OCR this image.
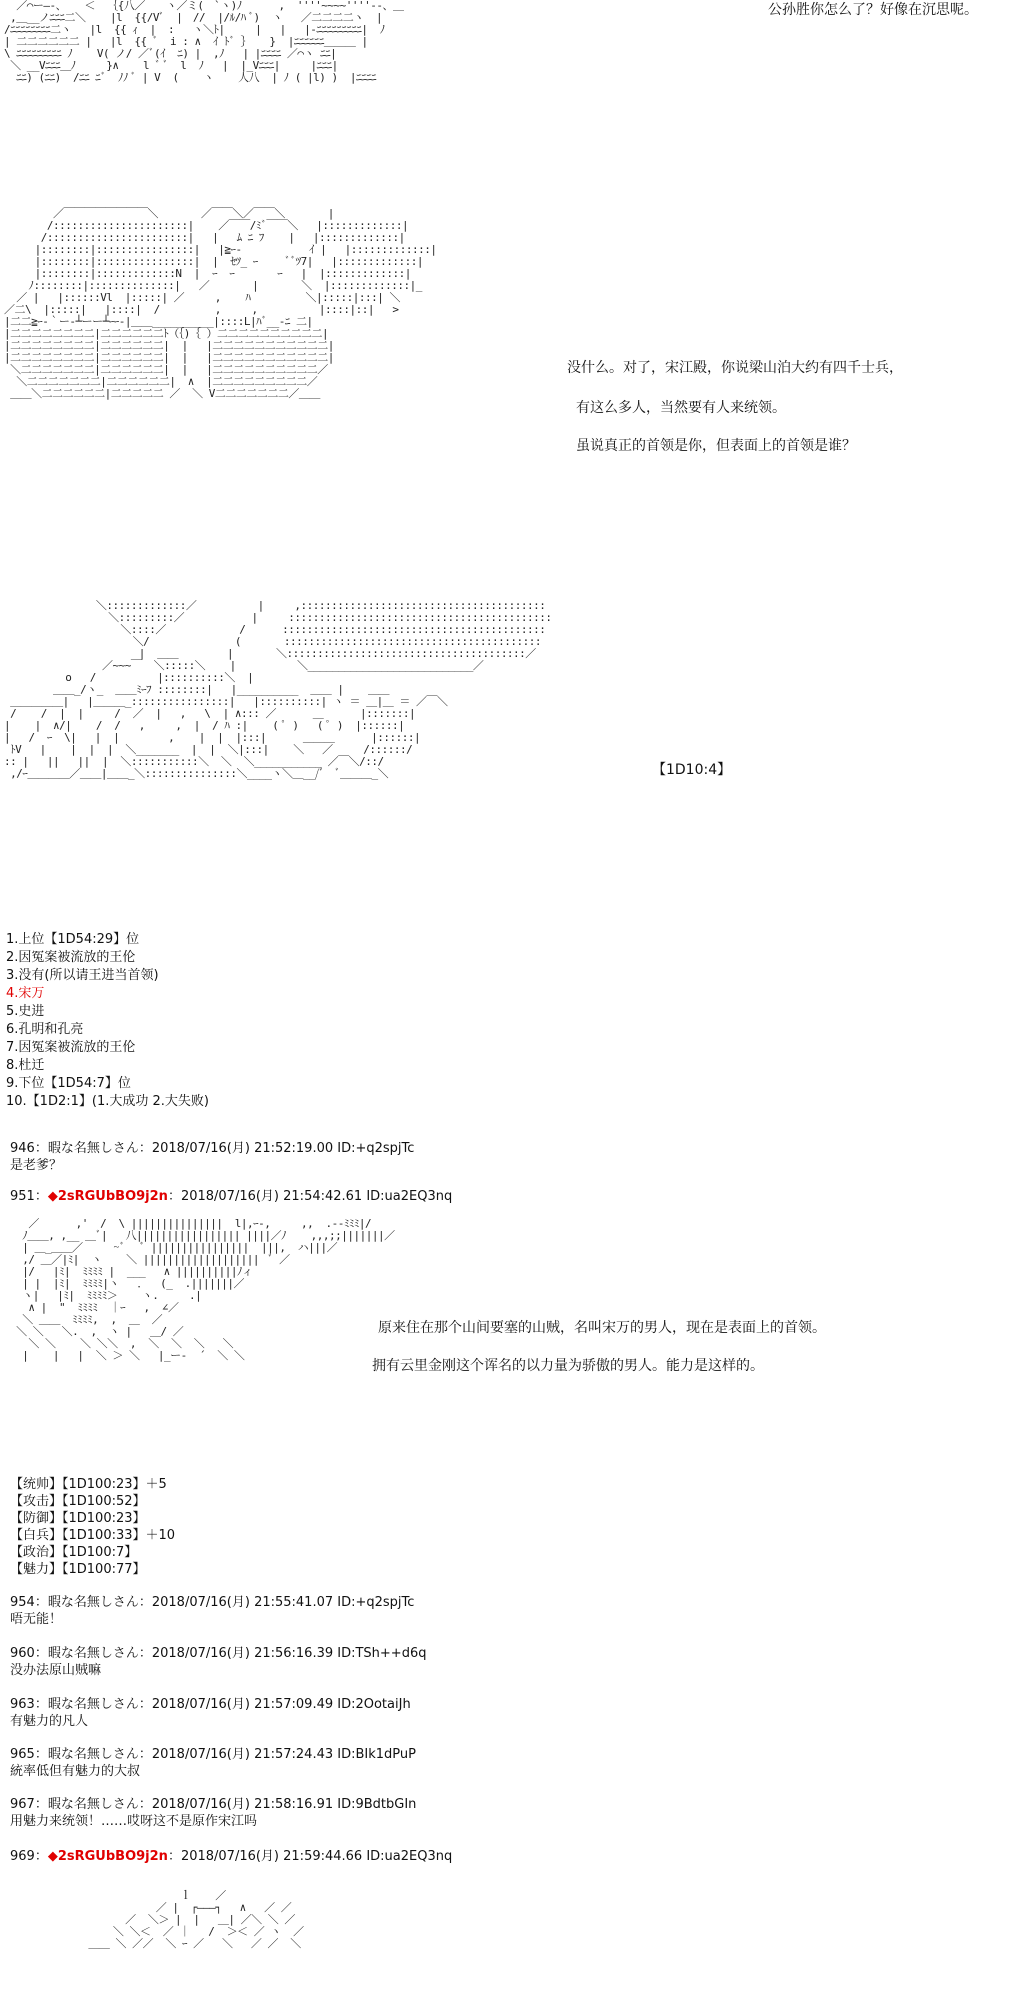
／⌒ー―‐、   ＜  ｛{八／￣￣ヽ／ミ(￣`ヽ)ﾉ      ,  ''''~~~~''''‐-、＿
,＿__ノﾆﾆﾆ二＼    |l  {{/Vﾞ  |　//  |/ﾙ/ﾊ ﾞ)  ヽ   ／二二二二ヽ  |
/ﾆﾆﾆﾆﾆﾆﾆﾆ二ヽ   |l  {{ ｨ  |  :   ヽ＼ﾄ|     |   |   |-ﾆﾆﾆﾆﾆﾆﾆﾆﾆ|  ﾉ
| 二二二二二二 |   |l  {{ ﾞ  i : ∧  ｲ ﾄﾞ ｝   }  |ﾆﾆﾆﾆﾆﾆ＿＿＿ |
\ ﾆﾆﾆﾆﾆﾆﾆﾆﾆ ﾉ    V( ノ/ ／ﾞ(ｲ  ﾆ) |  ,ﾉ   | |ﾆﾆﾆﾆ ／⌒ヽ ﾆﾆ|
＼ __Vﾆﾆﾆ＿ﾉ     }∧    l ﾞ ﾞ  l  ﾉ   |  |_Vﾆﾆﾆ|     |ﾆﾆﾆ|
ﾆﾆ) (ﾆﾆ)  /ﾆﾆ ﾆﾞ  ﾉﾉ ﾞ | V  (    ヽ    人八  | ﾉ ( |l) )  |ﾆﾆﾆﾆ
公孙胜你怎么了？好像在沉思呢。
／￣￣￣￣￣￣￣￣＼       ／￣￣＼／￣￣＼       |
/::::::::::::::::::::::|    ／￣￣/ﾐﾞ￣￣＼   |:::::::::::::|
/:::::::::::::::::::::::|   |   ﾑ ﾆ ﾌ    |   |:::::::::::::|
|::::::::|::::::::::::::::|   |≧ｰ-           ｲ |   |:::::::::::::|
|::::::::|::::::::::::::::|  |  ｾﾂ_ ｰ     ﾞﾞﾂ7|   |:::::::::::::|
|::::::::|:::::::::::::N  |  ｰ  ｰ       ｰ   |  |:::::::::::::|
ﾉ::::::::|::::::::::::::|   ／       |       ＼  |:::::::::::::|_
／ |   |::::::Vl  |:::::| ／     ,    ﾊ         ＼|:::::|:::| ＼
／二\  |:::::|   |::::|  /         ,     ,          |::::|::|   >
|二二≧ｰ-｀ー-┴ーー┴ｰｰ-|＿＿__________|::::L|ﾊﾞ__-ﾆ 二|
|二二二二二二二二|二二二二二二ﾄ（｛)｛ ）二二二二二二二二二二|
|二二二二二二二二|二二二二二二|  |   |二二二二二二二二二二二|
|二二二二二二二二|二二二二二二|  |   |二二二二二二二二二二二|
＼二二二二二二二|二二二二二二|  |   |二二二二二二二二二二／
＼二二二二二二二|二二二二二二|  ∧  |二二二二二二二二二／
＿＿＼二二二二二二|二二二二二 ／  ＼ V二二二二二二二／＿＿
没什么。对了，宋江殿，你说梁山泊大约有四千士兵，
有这么多人，当然要有人来统领。
虽说真正的首领是你，但表面上的首领是谁？
＼:::::::::::::／          |     ,::::::::::::::::::::::::::::::::::::::::
＼:::::::::／           |     :::::::::::::::::::::::::::::::::::::::::::
＼::::／            /      :::::::::::::::::::::::::::::::::::::::::::
＼/              (       ::::::::::::::::::::::::::::::::::::::::::
|  ＿＿        |       ＼:::::::::::::::::::::::::::::::::::::::／
／~~~￣  ＼:::::＼    |          ＼___________________________／
o   /          |::::::::::＼  |
＿＿_/ヽ_  ＿＿ﾐｰﾌ ::::::::|   |__________  ＿＿ |    ＿＿
＿＿＿＿＿|   |＿＿＿_::::::::::::::::|   |::::::::::| ヽ ＝ ＿|＿ ＝ ／￣＼
/    /  |  |     /  ／  |   ,   \  | ∧::: ／      ＿      |:::::::|
|    |  ∧/|    /  /   ,     ,  |  / ﾊ :|    ( ﾟ )   ( ﾟ )  |::::::|
|   /  ｰ  \|   |  |        ,    |  |  |:::|      ＿＿＿      |::::::|
ﾄV   |    |  |  |  ＼_______  |  |  ＼|:::|    ＼   ／     /::::::/
:: |   ||   ||  |  ＼:::::::::::＼  ＼  ＼___________ ／￣＼/::/
,/ｰ＿＿＿＿／＿＿|＿＿_＼:::::::::::::::＼____ヽ＼＿__/ﾞ　ﾞ＿＿＿_＼	【1D10:4】
1.上位【1D54:29】位
2.因冤案被流放的王伦
3.没有(所以请王进当首领)
4.宋万
5.史进
6.孔明和孔亮
7.因冤案被流放的王伦
8.杜迁
9.下位【1D54:7】位
10.【1D2:1】(1.大成功 2.大失败)
946：暇な名無しさん：2018/07/16(月) 21:52:19.00 ID:+q2spjTc
是老爹？
951：◆2sRGUbBO9j2n：2018/07/16(月) 21:54:42.61 ID:ua2EQ3nq
／      ,'  /  \ |||||||||||||||  l|,ｰ-,     ,,  .--ﾐﾐﾐ|/
ﾉ＿＿, ,__ ＿ﾞ|   八||||||||||||||||| ||||／ﾉ    ,,,;;|||||||／
| ＿_＿＿／     ~ﾞ   ﾞ ||||||||||||||||  |||,  ハ|||／
,/ ＿／|ﾐ|  ヽ    ＼ |||||||||||||||||||  ﾞ ／
|/   |ﾐ|  ﾐﾐﾐﾐ |  ___   ∧ ||||||||||ﾉィ
| |  |ﾐ|  ﾐﾐﾐﾐ|ヽ   ．  (_  .|||||||／
ヽ|   |ﾐ|  ﾐﾐﾐﾐ＞    ヽ.     .|
∧ |  "  ﾐﾐﾐﾐ  ｜ｰ   ,  ∠／
＼ ＿＿  ﾐﾐﾐﾐ,  ,  ＿  ／
＼ ＼   ＼.  ,  ヽ |   ＿/ ／
＼ ＼    ＼ ＼＼  ,  ＼  ＼  ＼   ＼
|    |   |  ＼ ＞ ＼   |_ー-  ´  ＼ ＼
原来住在那个山间要塞的山贼，名叫宋万的男人，现在是表面上的首领。
拥有云里金刚这个诨名的以力量为骄傲的男人。能力是这样的。
【统帅】【1D100:23】＋5
【攻击】【1D100:52】
【防御】【1D100:23】
【白兵】【1D100:33】＋10
【政治】【1D100:7】
【魅力】【1D100:77】
954：暇な名無しさん：2018/07/16(月) 21:55:41.07 ID:+q2spjTc
唔无能！
960：暇な名無しさん：2018/07/16(月) 21:56:16.39 ID:TSh++d6q
没办法原山贼嘛
963：暇な名無しさん：2018/07/16(月) 21:57:09.49 ID:2OotaiJh
有魅力的凡人
965：暇な名無しさん：2018/07/16(月) 21:57:24.43 ID:BIk1dPuP
統率低但有魅力的大叔
967：暇な名無しさん：2018/07/16(月) 21:58:16.91 ID:9BdtbGIn
用魅力来统领！……哎呀这不是原作宋江吗
969：◆2sRGUbBO9j2n：2018/07/16(月) 21:59:44.66 ID:ua2EQ3nq
ｌ    ／
／ |  ┌―――┐   ∧   ／ ／
／  ＼＞ |  |   ＿| ／＼ ＼ ／
＼ ＼＜  ／ ｜   /  ＞＜ ／ ヽ  ／
＿＿ ＼ ／／  ＼ ｰ ／   ＼   ／ ／  ＼
